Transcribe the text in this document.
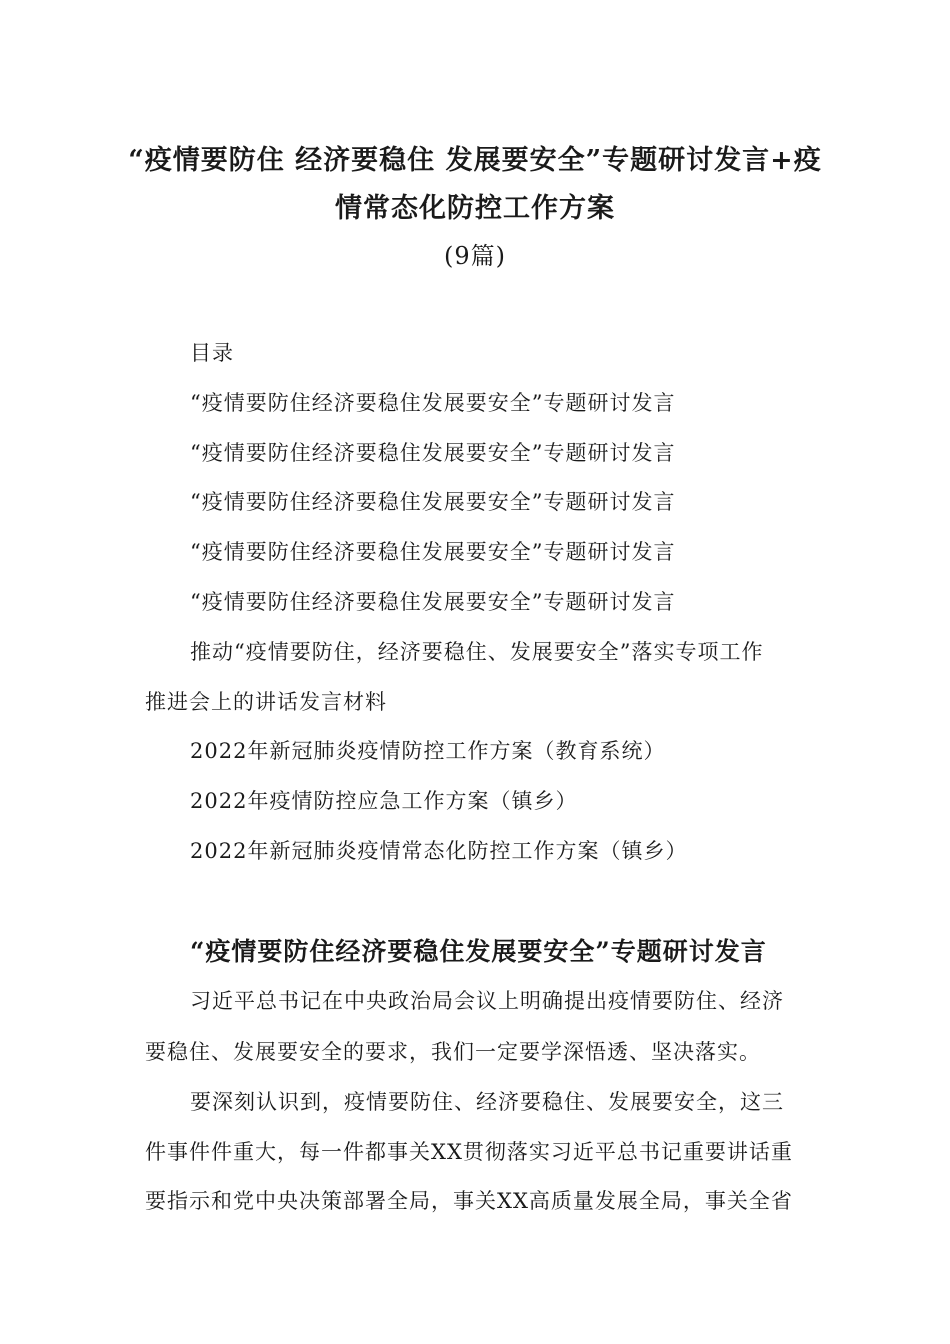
“疫情要防住 经济要稳住 发展要安全”专题研讨发言+疫
情常态化防控工作方案
(9篇)
目录
“疫情要防住经济要稳住发展要安全”专题研讨发言
“疫情要防住经济要稳住发展要安全”专题研讨发言
“疫情要防住经济要稳住发展要安全”专题研讨发言
“疫情要防住经济要稳住发展要安全”专题研讨发言
“疫情要防住经济要稳住发展要安全”专题研讨发言
推动“疫情要防住，经济要稳住、发展要安全”落实专项工作
推进会上的讲话发言材料
2022年新冠肺炎疫情防控工作方案（教育系统）
2022年疫情防控应急工作方案（镇乡）
2022年新冠肺炎疫情常态化防控工作方案（镇乡）
“疫情要防住经济要稳住发展要安全”专题研讨发言
习近平总书记在中央政治局会议上明确提出疫情要防住、经济
要稳住、发展要安全的要求，我们一定要学深悟透、坚决落实。
要深刻认识到，疫情要防住、经济要稳住、发展要安全，这三
件事件件重大，每一件都事关XX贯彻落实习近平总书记重要讲话重
要指示和党中央决策部署全局，事关XX高质量发展全局，事关全省
